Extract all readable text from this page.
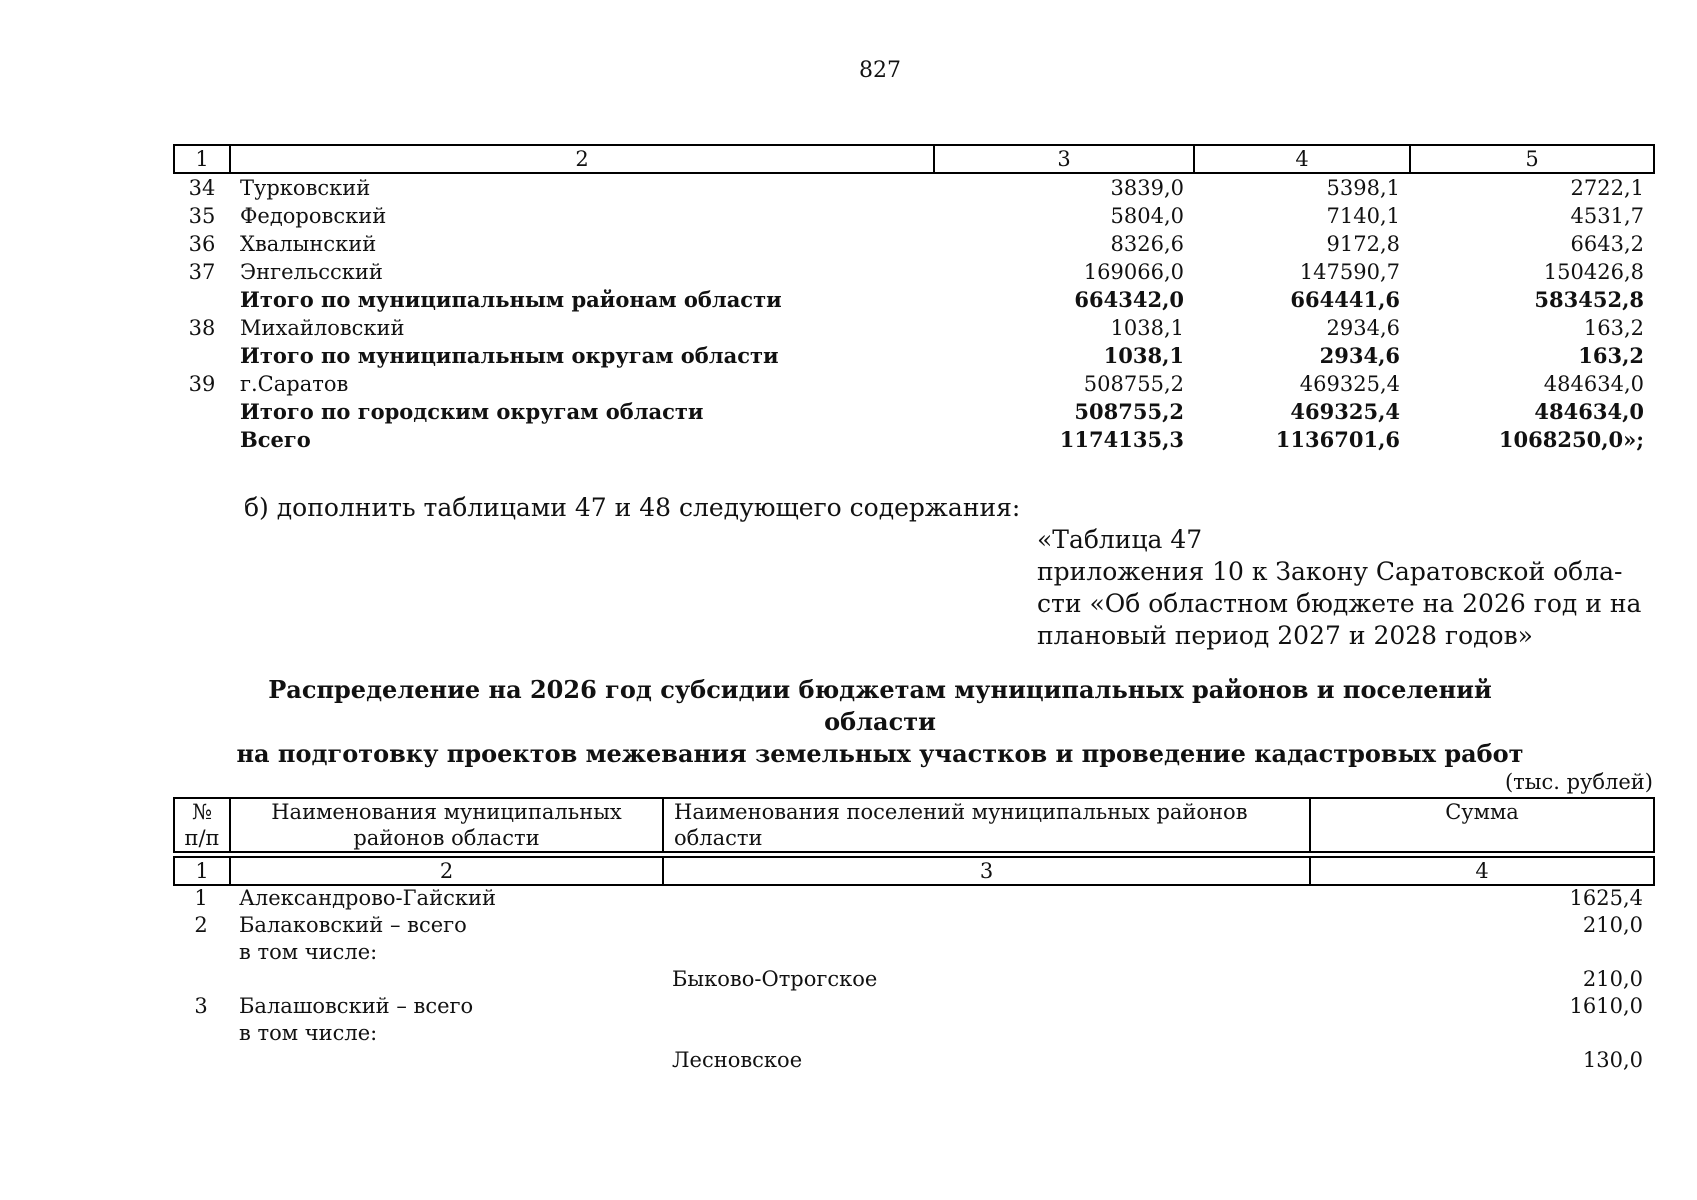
827
1	2	3	4	5
34	Турковский	3839,0	5398,1	2722,1
35	Федоровский	5804,0	7140,1	4531,7
36	Хвалынский	8326,6	9172,8	6643,2
37	Энгельсский	169066,0	147590,7	150426,8
	Итого по муниципальным районам области	664342,0	664441,6	583452,8
38	Михайловский	1038,1	2934,6	163,2
	Итого по муниципальным округам области	1038,1	2934,6	163,2
39	г.Саратов	508755,2	469325,4	484634,0
	Итого по городским округам области	508755,2	469325,4	484634,0
	Всего	1174135,3	1136701,6	1068250,0»;
б) дополнить таблицами 47 и 48 следующего содержания:
«Таблица 47
приложения 10 к Закону Саратовской обла-
сти «Об областном бюджете на 2026 год и на
плановый период 2027 и 2028 годов»
Распределение на 2026 год субсидии бюджетам муниципальных районов и поселений области
на подготовку проектов межевания земельных участков и проведение кадастровых работ
(тыс. рублей)
№
п/п
	Наименования муниципальных районов области	Наименования поселений муниципальных районов области	Сумма
1	2	3	4
1	Александрово-Гайский		1625,4
2	Балаковский – всего		210,0
	в том числе:		
		Быково-Отрогское	210,0
3	Балашовский – всего		1610,0
	в том числе:		
		Лесновское	130,0
